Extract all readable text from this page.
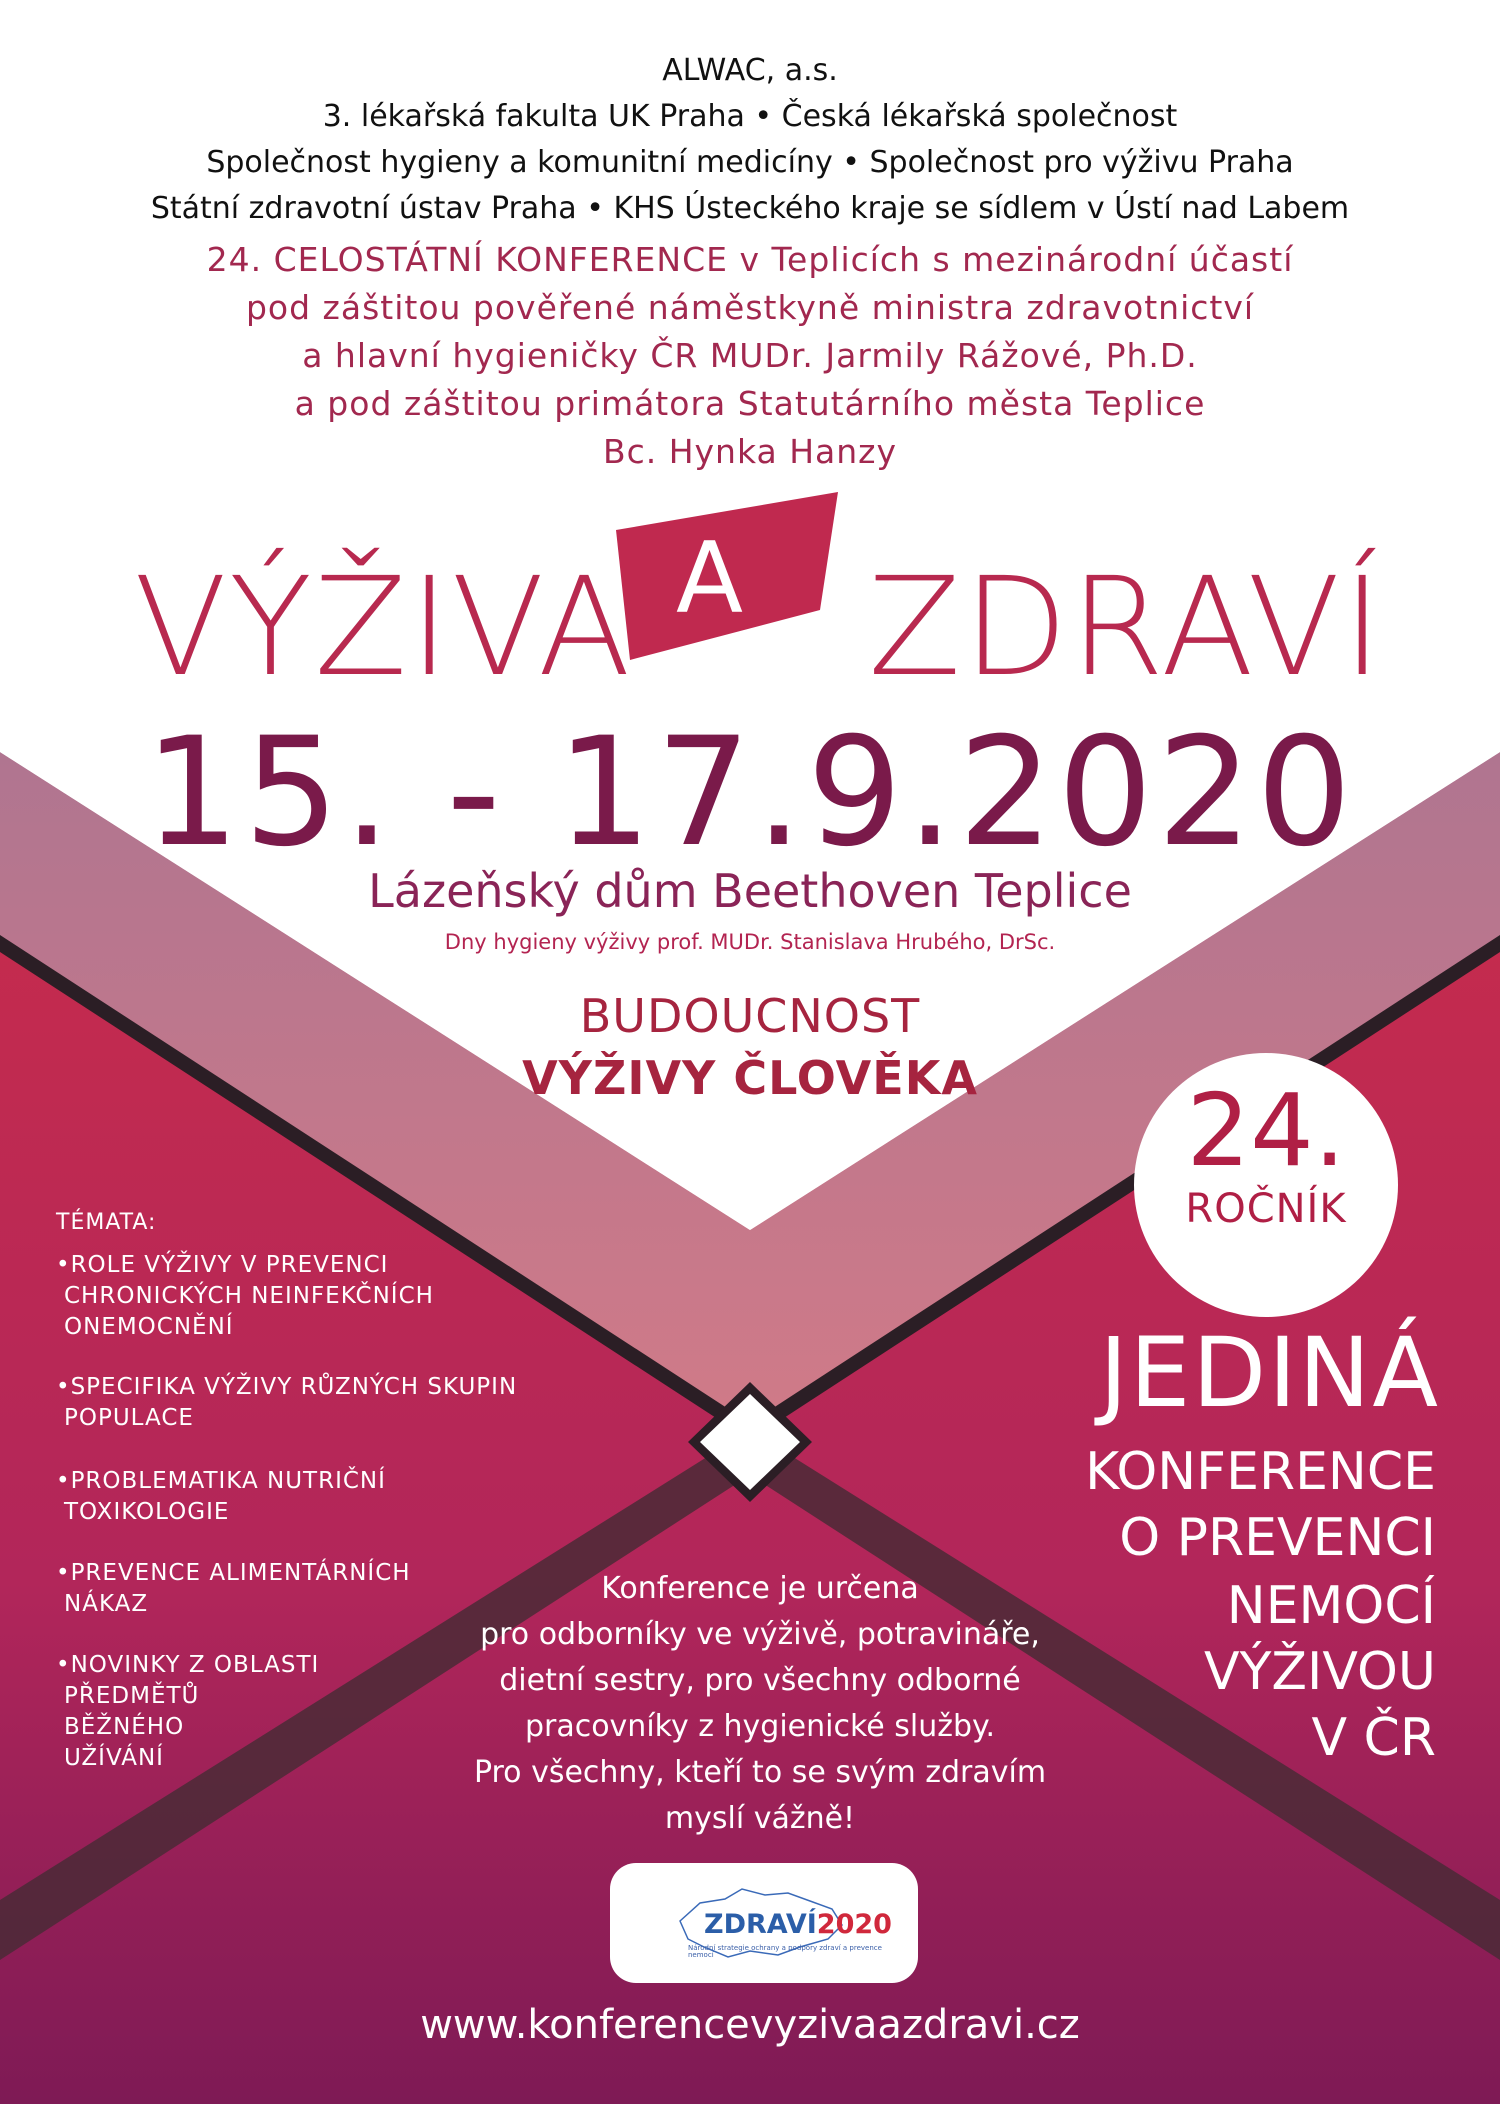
ALWAC, a.s.
3. lékařská fakulta UK Praha • Česká lékařská společnost
Společnost hygieny a komunitní medicíny • Společnost pro výživu Praha
Státní zdravotní ústav Praha • KHS Ústeckého kraje se sídlem v Ústí nad Labem
24. CELOSTÁTNÍ KONFERENCE v Teplicích s mezinárodní účastí
pod záštitou pověřené náměstkyně ministra zdravotnictví
a hlavní hygieničky ČR MUDr. Jarmily Rážové, Ph.D.
a pod záštitou primátora Statutárního města Teplice
Bc. Hynka Hanzy
VÝŽIVA A ZDRAVÍ
15. - 17.9.2020
Lázeňský dům Beethoven Teplice
Dny hygieny výživy prof. MUDr. Stanislava Hrubého, DrSc.
BUDOUCNOST
VÝŽIVY ČLOVĚKA	24.
ROČNÍK
JEDINÁ
KONFERENCE
O PREVENCI
NEMOCÍ
VÝŽIVOU
V ČR
TÉMATA:
•ROLE VÝŽIVY V PREVENCI
CHRONICKÝCH NEINFEKČNÍCH
ONEMOCNĚNÍ
•SPECIFIKA VÝŽIVY RŮZNÝCH SKUPIN
POPULACE
•PROBLEMATIKA NUTRIČNÍ
TOXIKOLOGIE
•PREVENCE ALIMENTÁRNÍCH
NÁKAZ
•NOVINKY Z OBLASTI
PŘEDMĚTŮ
BĚŽNÉHO
UŽÍVÁNÍ
Konference je určena
pro odborníky ve výživě, potravináře,
dietní sestry, pro všechny odborné
pracovníky z hygienické služby.
Pro všechny, kteří to se svým zdravím
myslí vážně!
ZDRAVÍ2020
Národní strategie ochrany a podpory zdraví a prevence nemocí
www.konferencevyzivaazdravi.cz
